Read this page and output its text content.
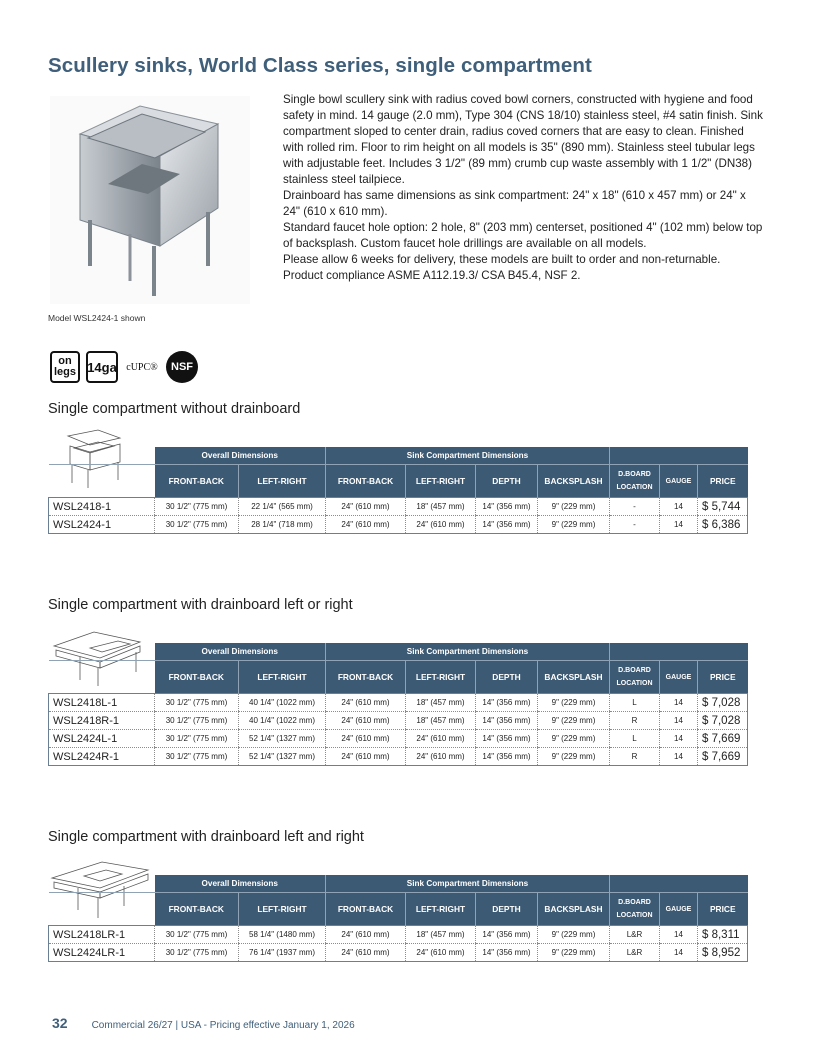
Scullery sinks, World Class series, single compartment

Single bowl scullery sink with radius coved bowl corners, constructed with hygiene and food safety in mind. 14 gauge (2.0 mm), Type 304 (CNS 18/10) stainless steel, #4 satin finish. Sink compartment sloped to center drain, radius coved corners that are easy to clean. Finished with rolled rim. Floor to rim height on all models is 35" (890 mm). Stainless steel tubular legs with adjustable feet. Includes 3 1/2" (89 mm) crumb cup waste assembly with 1 1/2" (DN38) stainless steel tailpiece.

Drainboard has same dimensions as sink compartment: 24" x 18" (610 x 457 mm) or 24" x 24" (610 x 610 mm).

Standard faucet hole option: 2 hole, 8" (203 mm) centerset, positioned 4" (102 mm) below top of backsplash. Custom faucet hole drillings are available on all models.

Please allow 6 weeks for delivery, these models are built to order and non-returnable.

Product compliance ASME A112.19.3/ CSA B45.4, NSF 2.

Model WSL2424-1 shown
on
legs 14ga cUPC®	NSF
Single compartment without drainboard
	Overall Dimensions		Sink Compartment Dimensions						
	FRONT-BACK	LEFT-RIGHT	FRONT-BACK	LEFT-RIGHT	DEPTH	BACKSPLASH	D.BOARD
LOCATION	GAUGE	PRICE
WSL2418-1	30 1/2" (775 mm)	22 1/4" (565 mm)	24" (610 mm)	18" (457 mm)	14" (356 mm)	9" (229 mm)	-	14	$ 5,744
WSL2424-1	30 1/2" (775 mm)	28 1/4" (718 mm)	24" (610 mm)	24" (610 mm)	14" (356 mm)	9" (229 mm)	-	14	$ 6,386
Single compartment with drainboard left or right
	Overall Dimensions		Sink Compartment Dimensions						
	FRONT-BACK	LEFT-RIGHT	FRONT-BACK	LEFT-RIGHT	DEPTH	BACKSPLASH	D.BOARD
LOCATION	GAUGE	PRICE
WSL2418L-1	30 1/2" (775 mm)	40 1/4" (1022 mm)	24" (610 mm)	18" (457 mm)	14" (356 mm)	9" (229 mm)	L	14	$ 7,028
WSL2418R-1	30 1/2" (775 mm)	40 1/4" (1022 mm)	24" (610 mm)	18" (457 mm)	14" (356 mm)	9" (229 mm)	R	14	$ 7,028
WSL2424L-1	30 1/2" (775 mm)	52 1/4" (1327 mm)	24" (610 mm)	24" (610 mm)	14" (356 mm)	9" (229 mm)	L	14	$ 7,669
WSL2424R-1	30 1/2" (775 mm)	52 1/4" (1327 mm)	24" (610 mm)	24" (610 mm)	14" (356 mm)	9" (229 mm)	R	14	$ 7,669
Single compartment with drainboard left and right
	Overall Dimensions		Sink Compartment Dimensions						
	FRONT-BACK	LEFT-RIGHT	FRONT-BACK	LEFT-RIGHT	DEPTH	BACKSPLASH	D.BOARD
LOCATION	GAUGE	PRICE
WSL2418LR-1	30 1/2" (775 mm)	58 1/4" (1480 mm)	24" (610 mm)	18" (457 mm)	14" (356 mm)	9" (229 mm)	L&R	14	$ 8,311
WSL2424LR-1	30 1/2" (775 mm)	76 1/4" (1937 mm)	24" (610 mm)	24" (610 mm)	14" (356 mm)	9" (229 mm)	L&R	14	$ 8,952
32 Commercial 26/27 | USA - Pricing effective January 1, 2026
